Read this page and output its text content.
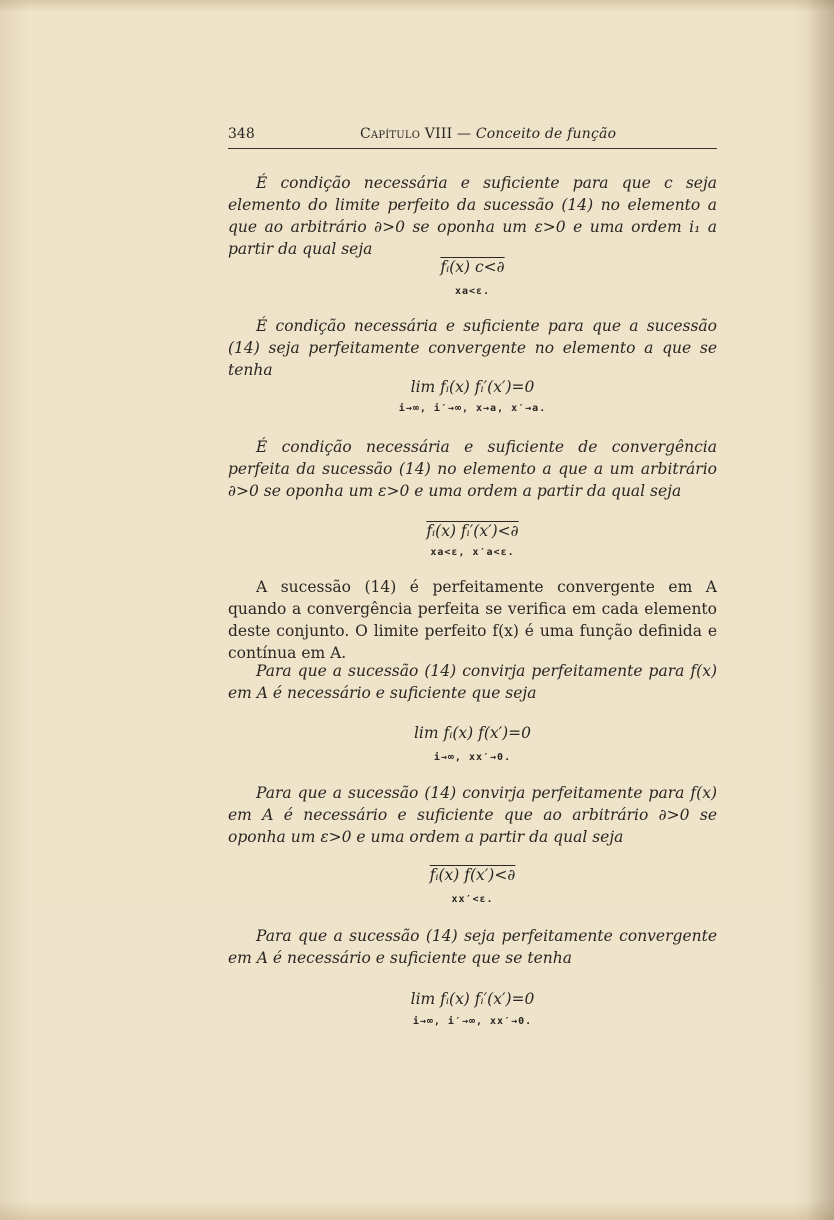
348	Capítulo VIII — Conceito de função
É condição necessária e suficiente para que c seja elemento do limite perfeito da sucessão (14) no elemento a que ao arbitrário ∂>0 se oponha um ε>0 e uma ordem i₁ a partir da qual seja
fᵢ(x) c<∂
xa<ε.
É condição necessária e suficiente para que a sucessão (14) seja perfeitamente convergente no elemento a que se tenha
lim fᵢ(x) fᵢ′(x′)=0
i→∞, i′→∞, x→a, x′→a.
É condição necessária e suficiente de convergência perfeita da sucessão (14) no elemento a que a um arbitrário ∂>0 se oponha um ε>0 e uma ordem a partir da qual seja
fᵢ(x) fᵢ′(x′)<∂
xa<ε, x′a<ε.
A sucessão (14) é perfeitamente convergente em A quando a convergência perfeita se verifica em cada elemento deste conjunto. O limite perfeito f(x) é uma função definida e contínua em A.
Para que a sucessão (14) convirja perfeitamente para f(x) em A é necessário e suficiente que seja
lim fᵢ(x) f(x′)=0
i→∞, xx′→0.
Para que a sucessão (14) convirja perfeitamente para f(x) em A é necessário e suficiente que ao arbitrário ∂>0 se oponha um ε>0 e uma ordem a partir da qual seja
fᵢ(x) f(x′)<∂
xx′<ε.
Para que a sucessão (14) seja perfeitamente convergente em A é necessário e suficiente que se tenha
lim fᵢ(x) fᵢ′(x′)=0
i→∞, i′→∞, xx′→0.
